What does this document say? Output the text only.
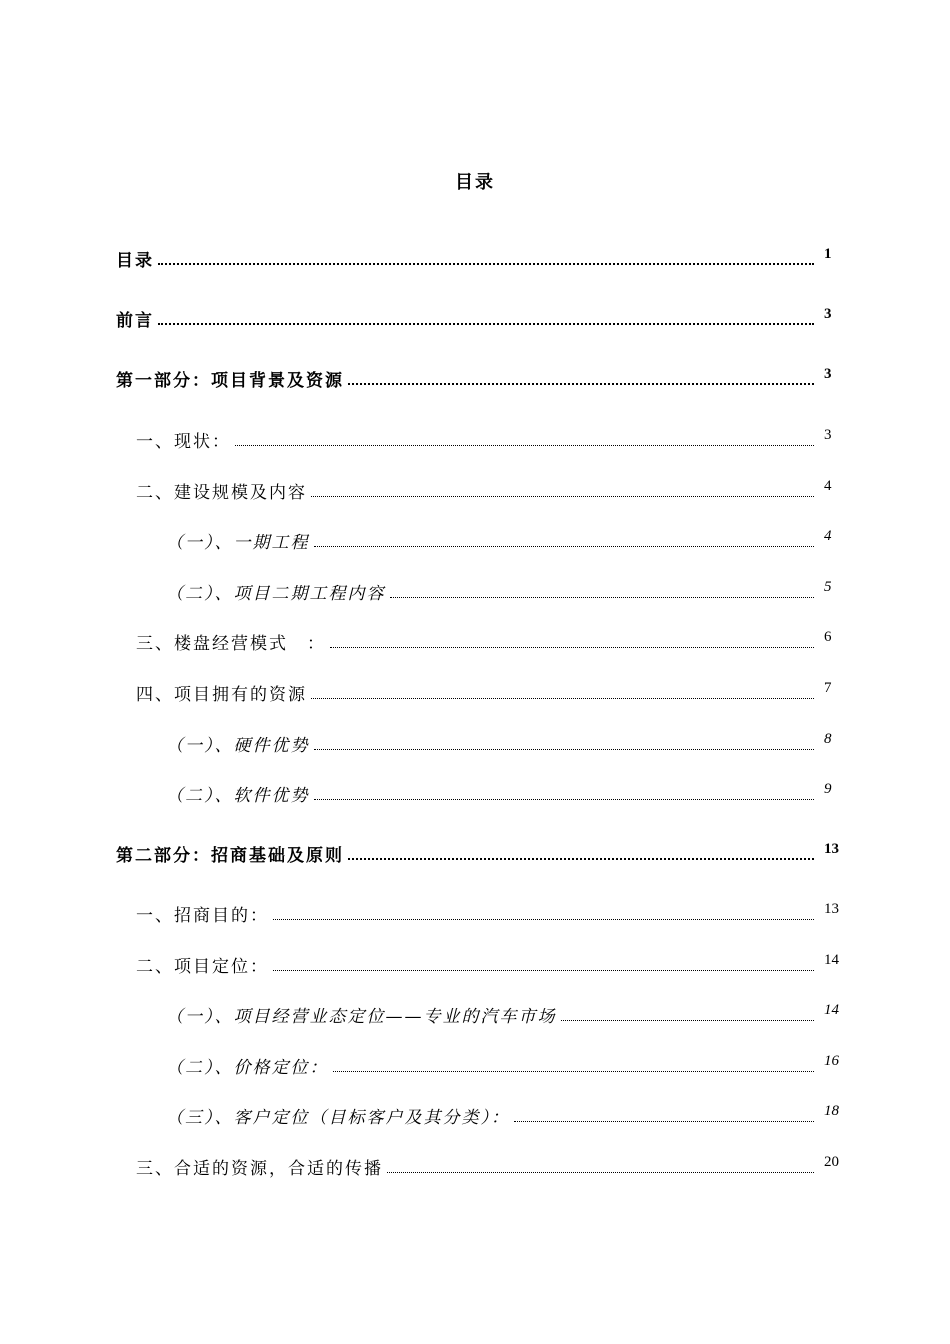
目录
目录	1
前言	3
第一部分：项目背景及资源	3
一、现状：	3
二、建设规模及内容	4
（一）、一期工程	4
（二）、项目二期工程内容	5
三、楼盘经营模式　：	6
四、项目拥有的资源	7
（一）、硬件优势	8
（二）、软件优势	9
第二部分：招商基础及原则	13
一、招商目的：	13
二、项目定位：	14
（一）、项目经营业态定位——专业的汽车市场	14
（二）、价格定位：	16
（三）、客户定位（目标客户及其分类）：	18
三、合适的资源，合适的传播	20
